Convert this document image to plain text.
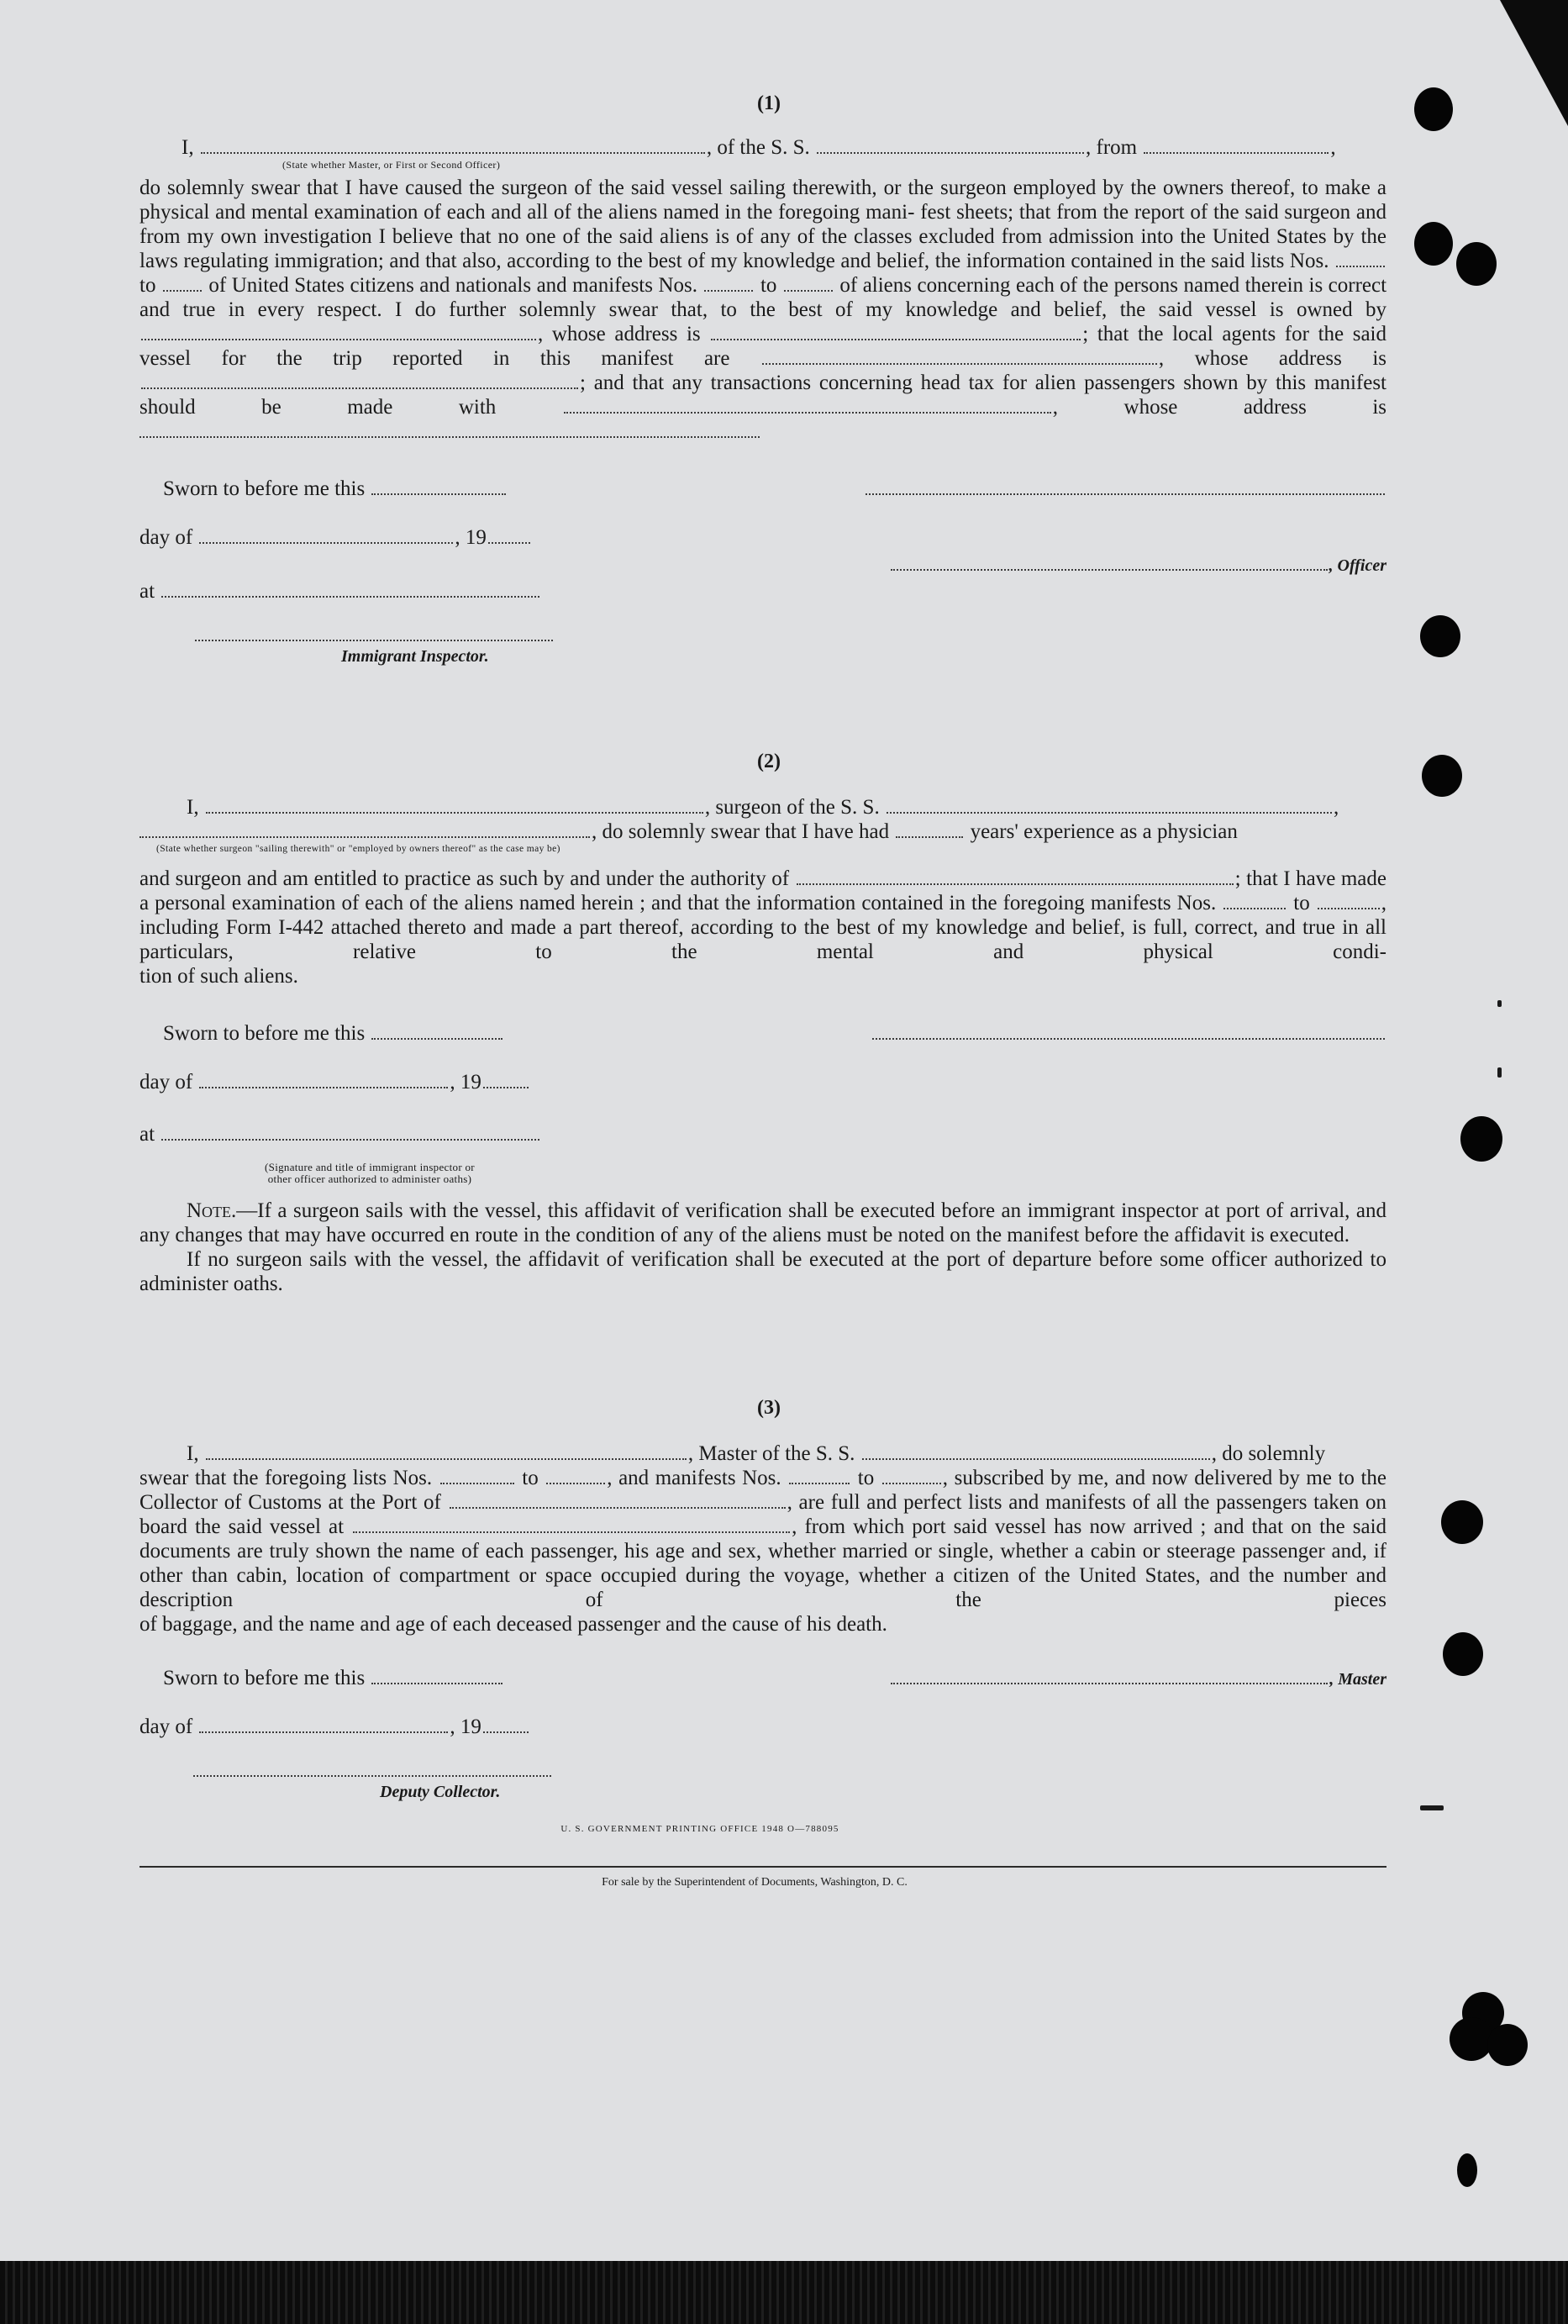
(1)
I,	, of the S. S.	, from	,
(State whether Master, or First or Second Officer)

do solemnly swear that I have caused the surgeon of the said vessel sailing therewith, or the surgeon employed by the owners thereof, to make a physical and mental examination of each and all of the aliens named in the foregoing mani- fest sheets; that from the report of the said surgeon and from my own investigation I believe that no one of the said aliens is of any of the classes excluded from admission into the United States by the laws regulating immigration; and that also, according to the best of my knowledge and belief, the information contained in the said lists Nos.  to	of United States citizens and nationals and manifests Nos.	to	of aliens concerning each of the persons named therein is correct and true in every respect. I do further solemnly swear that, to the best of my knowledge and belief, the said vessel is owned by , whose address is	; that the local agents for the said vessel for the trip reported in this manifest are	, whose address is ; and that any transactions concerning head tax for alien passengers shown by this manifest should be made with	, whose address is

Sworn to before me this
day of	, 19
, Officer
at
Immigrant Inspector.
(2)
I,	, surgeon of the S. S.	,
, do solemnly swear that I have had	years' experience as a physician
(State whether surgeon "sailing therewith" or "employed by owners thereof" as the case may be)

and surgeon and am entitled to practice as such by and under the authority of	; that I have made a personal examination of each of the aliens named herein ; and that the information contained in the foregoing manifests Nos.	to	, including Form I-442 attached thereto and made a part thereof, according to the best of my knowledge and belief, is full, correct, and true in all particulars, relative to the mental and physical condi-

tion of such aliens.
Sworn to before me this
day of	, 19
at
(Signature and title of immigrant inspector or
other officer authorized to administer oaths)

Note.—If a surgeon sails with the vessel, this affidavit of verification shall be executed before an immigrant inspector at port of arrival, and any changes that may have occurred en route in the condition of any of the aliens must be noted on the manifest before the affidavit is executed.

If no surgeon sails with the vessel, the affidavit of verification shall be executed at the port of departure before some officer authorized to administer oaths.

(3)
I,	, Master of the S. S.	, do solemnly

swear that the foregoing lists Nos.	to	, and manifests Nos.	to	, subscribed by me, and now delivered by me to the Collector of Customs at the Port of	, are full and perfect lists and manifests of all the passengers taken on board the said vessel at	, from which port said vessel has now arrived ; and that on the said documents are truly shown the name of each passenger, his age and sex, whether married or single, whether a cabin or steerage passenger and, if other than cabin, location of compartment or space occupied during the voyage, whether a citizen of the United States, and the number and description of the pieces

of baggage, and the name and age of each deceased passenger and the cause of his death.
Sworn to before me this	, Master
day of	, 19
Deputy Collector.
U. S. GOVERNMENT PRINTING OFFICE 1948 O—788095
For sale by the Superintendent of Documents, Washington, D. C.
